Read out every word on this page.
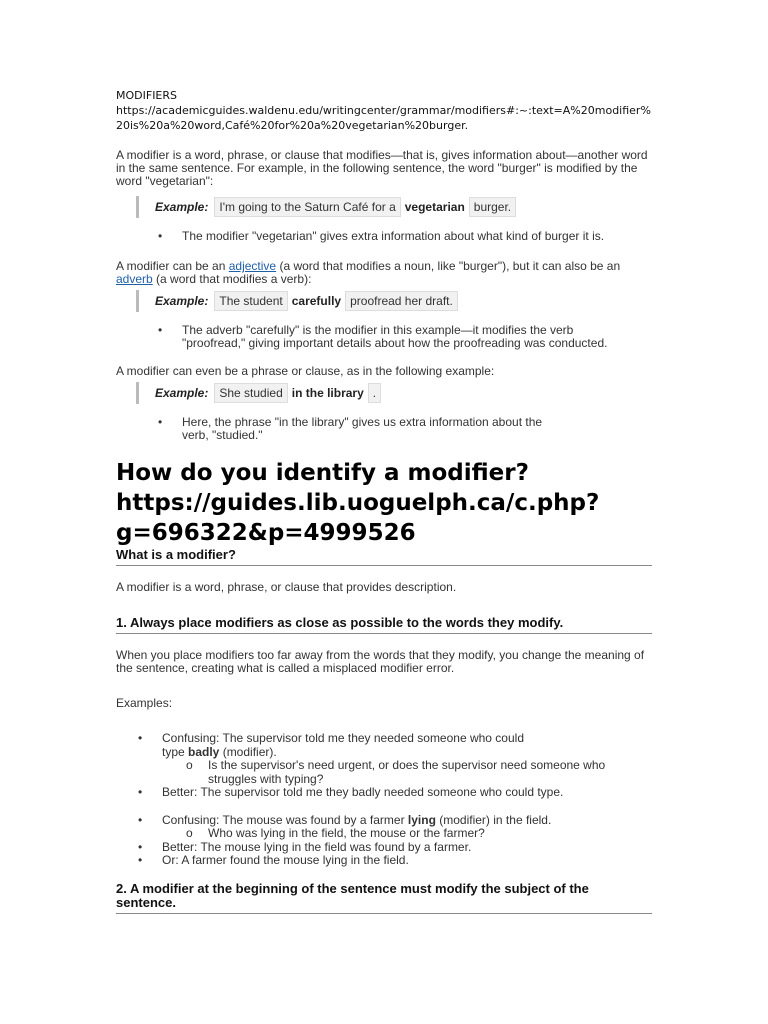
MODIFIERS

https://academicguides.waldenu.edu/writingcenter/grammar/modifiers#:~:text=A%20modifier%20is%20a%20word,Café%20for%20a%20vegetarian%20burger.

A modifier is a word, phrase, or clause that modifies—that is, gives information about—another word in the same sentence. For example, in the following sentence, the word "burger" is modified by the word "vegetarian":

Example: I'm going to the Saturn Café for a vegetarian burger.
• The modifier "vegetarian" gives extra information about what kind of burger it is.

A modifier can be an adjective (a word that modifies a noun, like "burger"), but it can also be an adverb (a word that modifies a verb):

Example: The student carefully proofread her draft.
• The adverb "carefully" is the modifier in this example—it modifies the verb "proofread," giving important details about how the proofreading was conducted.

A modifier can even be a phrase or clause, as in the following example:

Example: She studied in the library .
• Here, the phrase "in the library" gives us extra information about the verb, "studied."
How do you identify a modifier?
https://guides.lib.uoguelph.ca/c.php?
g=696322&p=4999526
What is a modifier?

A modifier is a word, phrase, or clause that provides description.

1. Always place modifiers as close as possible to the words they modify.

When you place modifiers too far away from the words that they modify, you change the meaning of the sentence, creating what is called a misplaced modifier error.

Examples:

• Confusing: The supervisor told me they needed someone who could type badly (modifier).
o Is the supervisor's need urgent, or does the supervisor need someone who struggles with typing?
• Better: The supervisor told me they badly needed someone who could type.
• Confusing: The mouse was found by a farmer lying (modifier) in the field.
o Who was lying in the field, the mouse or the farmer?
• Better: The mouse lying in the field was found by a farmer.
• Or: A farmer found the mouse lying in the field.
2. A modifier at the beginning of the sentence must modify the subject of the sentence.
